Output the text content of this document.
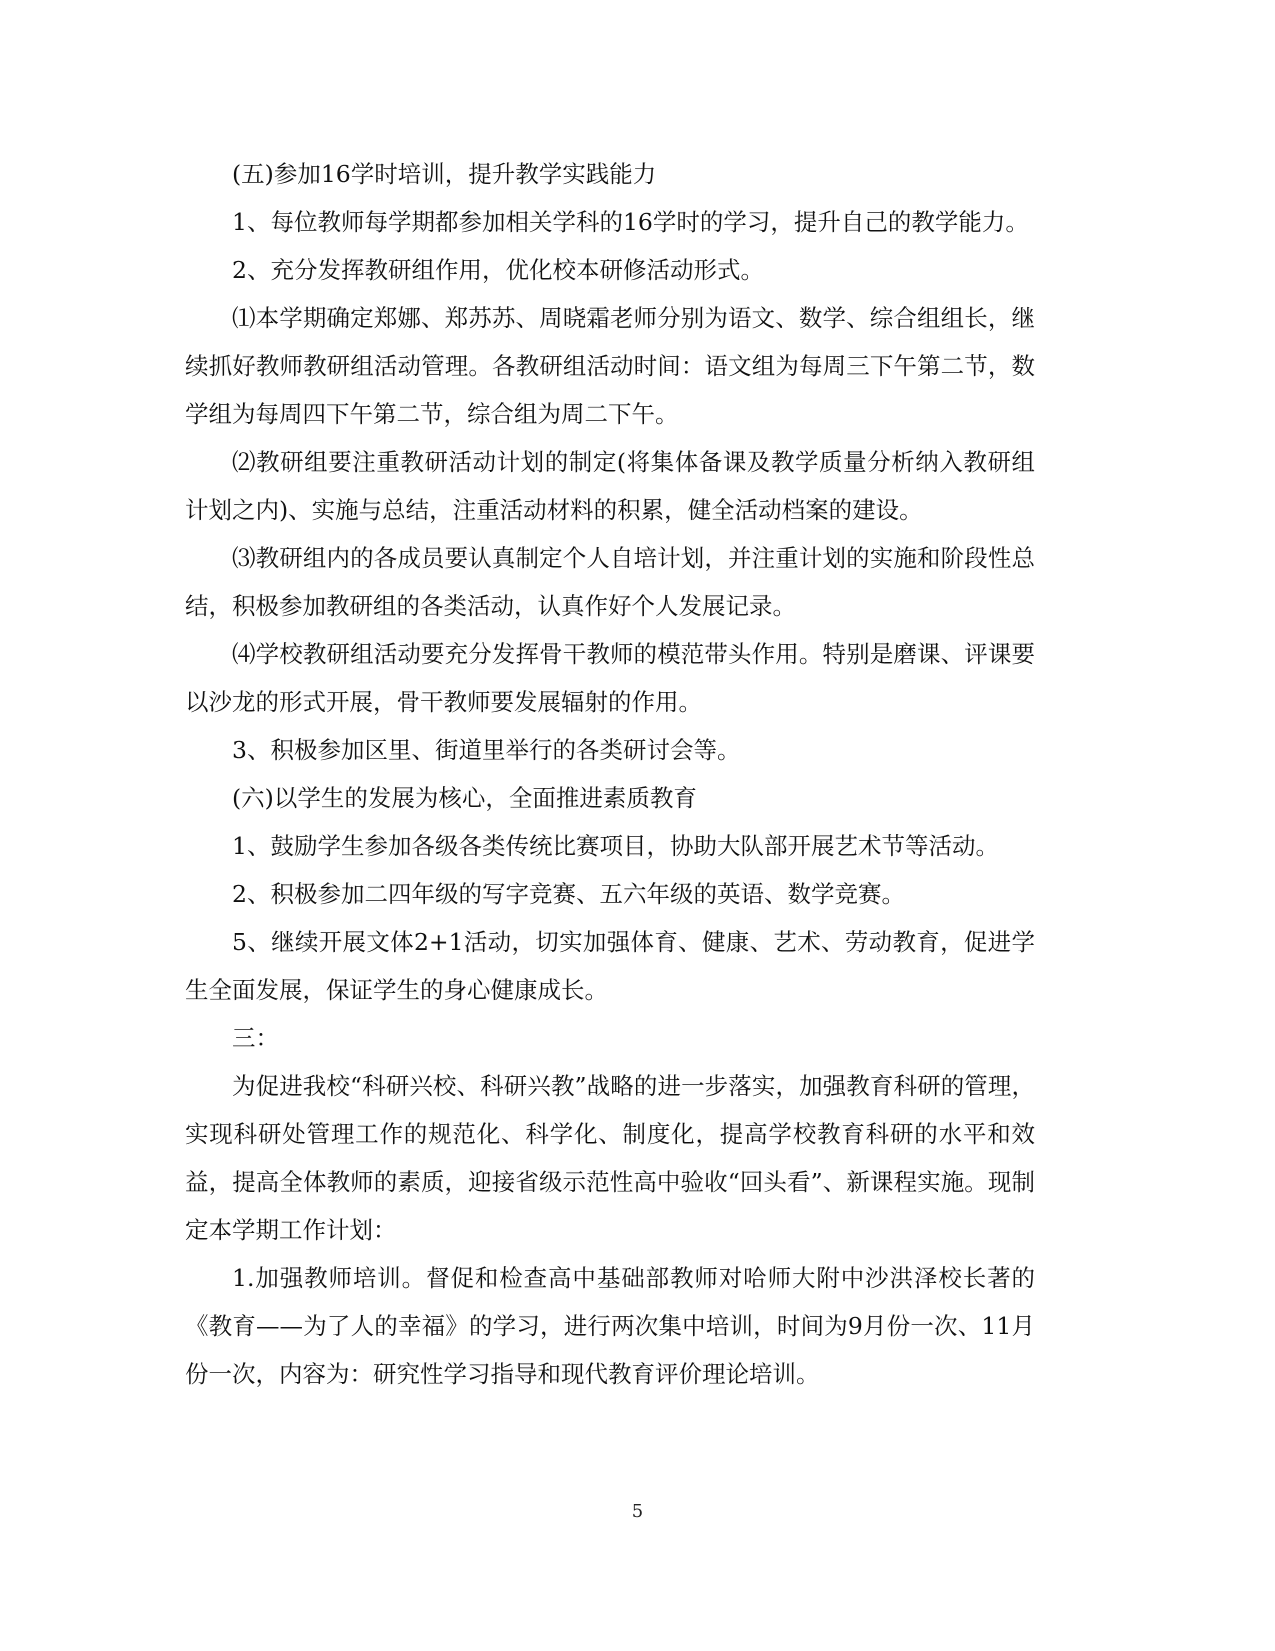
(五)参加16学时培训，提升教学实践能力

1、每位教师每学期都参加相关学科的16学时的学习，提升自己的教学能力。

2、充分发挥教研组作用，优化校本研修活动形式。

⑴本学期确定郑娜、郑苏苏、周晓霜老师分别为语文、数学、综合组组长，继续抓好教师教研组活动管理。各教研组活动时间：语文组为每周三下午第二节，数学组为每周四下午第二节，综合组为周二下午。

⑵教研组要注重教研活动计划的制定(将集体备课及教学质量分析纳入教研组计划之内)、实施与总结，注重活动材料的积累，健全活动档案的建设。

⑶教研组内的各成员要认真制定个人自培计划，并注重计划的实施和阶段性总结，积极参加教研组的各类活动，认真作好个人发展记录。

⑷学校教研组活动要充分发挥骨干教师的模范带头作用。特别是磨课、评课要以沙龙的形式开展，骨干教师要发展辐射的作用。

3、积极参加区里、街道里举行的各类研讨会等。

(六)以学生的发展为核心，全面推进素质教育

1、鼓励学生参加各级各类传统比赛项目，协助大队部开展艺术节等活动。

2、积极参加二四年级的写字竞赛、五六年级的英语、数学竞赛。

5、继续开展文体2+1活动，切实加强体育、健康、艺术、劳动教育，促进学生全面发展，保证学生的身心健康成长。

三：

为促进我校“科研兴校、科研兴教”战略的进一步落实，加强教育科研的管理，实现科研处管理工作的规范化、科学化、制度化，提高学校教育科研的水平和效益，提高全体教师的素质，迎接省级示范性高中验收“回头看”、新课程实施。现制定本学期工作计划：

1.加强教师培训。督促和检查高中基础部教师对哈师大附中沙洪泽校长著的《教育——为了人的幸福》的学习，进行两次集中培训，时间为9月份一次、11月份一次，内容为：研究性学习指导和现代教育评价理论培训。

5
